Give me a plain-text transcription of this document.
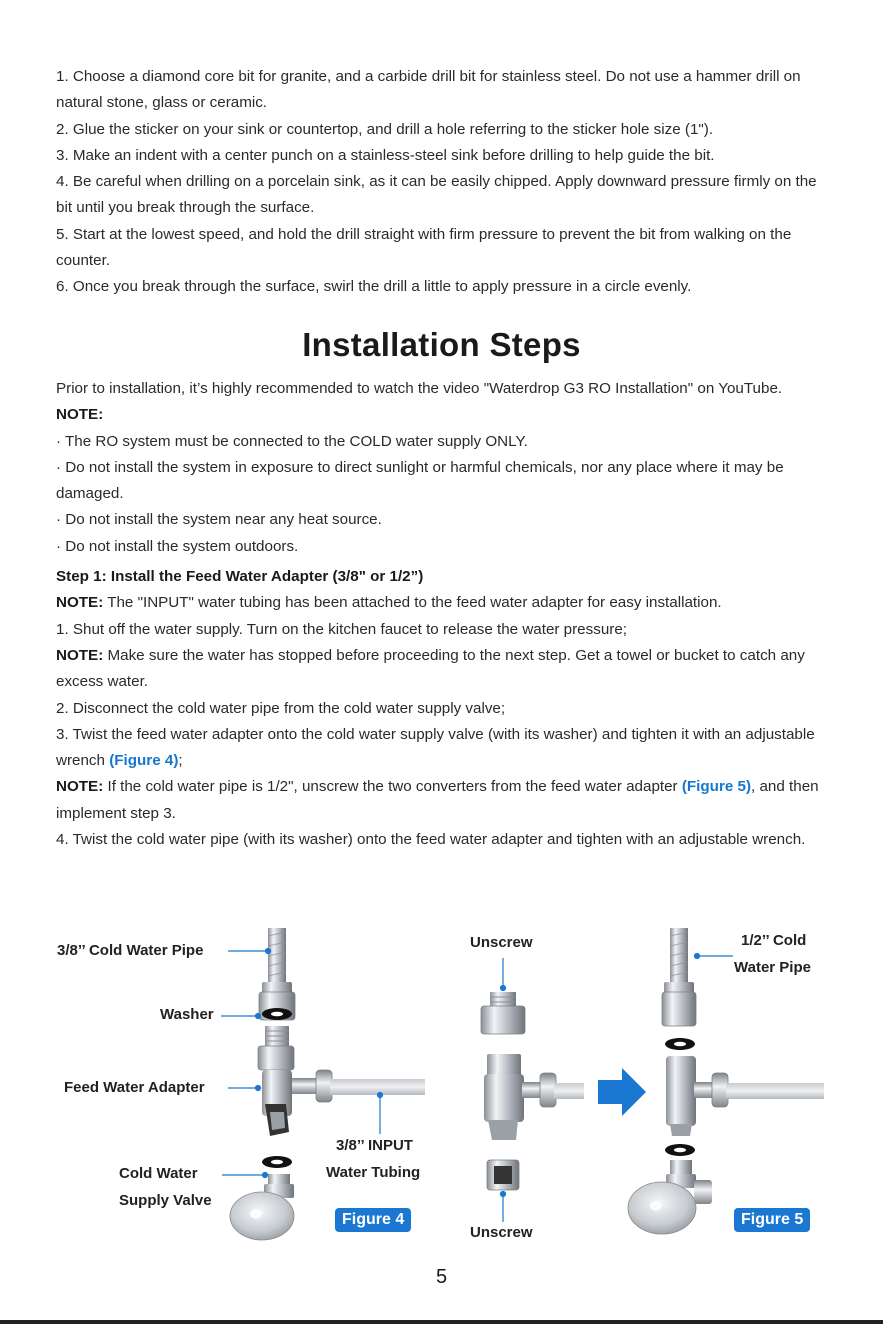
1. Choose a diamond core bit for granite, and a carbide drill bit for stainless steel. Do not use a hammer drill on natural stone, glass or ceramic.

2. Glue the sticker on your sink or countertop, and drill a hole referring to the sticker hole size (1").

3. Make an indent with a center punch on a stainless-steel sink before drilling to help guide the bit.

4. Be careful when drilling on a porcelain sink, as it can be easily chipped. Apply downward pressure firmly on the bit until you break through the surface.

5. Start at the lowest speed, and hold the drill straight with firm pressure to prevent the bit from walking on the counter.

6. Once you break through the surface, swirl the drill a little to apply pressure in a circle evenly.

Installation Steps

Prior to installation, it’s highly recommended to watch the video "Waterdrop G3 RO Installation" on YouTube.

NOTE:

· The RO system must be connected to the COLD water supply ONLY.

· Do not install the system in exposure to direct sunlight or harmful chemicals, nor any place where it may be damaged.

· Do not install the system near any heat source.

· Do not install the system outdoors.

Step 1: Install the Feed Water Adapter (3/8" or 1/2”)

NOTE: The "INPUT" water tubing has been attached to the feed water adapter for easy installation.

1. Shut off the water supply. Turn on the kitchen faucet to release the water pressure;

NOTE: Make sure the water has stopped before proceeding to the next step. Get a towel or bucket to catch any excess water.

2. Disconnect the cold water pipe from the cold water supply valve;

3. Twist the feed water adapter onto the cold water supply valve (with its washer) and tighten it with an adjustable wrench (Figure 4);

NOTE: If the cold water pipe is 1/2", unscrew the two converters from the feed water adapter (Figure 5), and then implement step 3.

4. Twist the cold water pipe (with its washer) onto the feed water adapter and tighten with an adjustable wrench.

3/8’’ Cold Water Pipe
Washer
Feed Water Adapter
Cold Water
Supply Valve
3/8’’ INPUT
Water Tubing
Figure 4
Unscrew
Unscrew
1/2’’ Cold
Water Pipe
Figure 5
5
